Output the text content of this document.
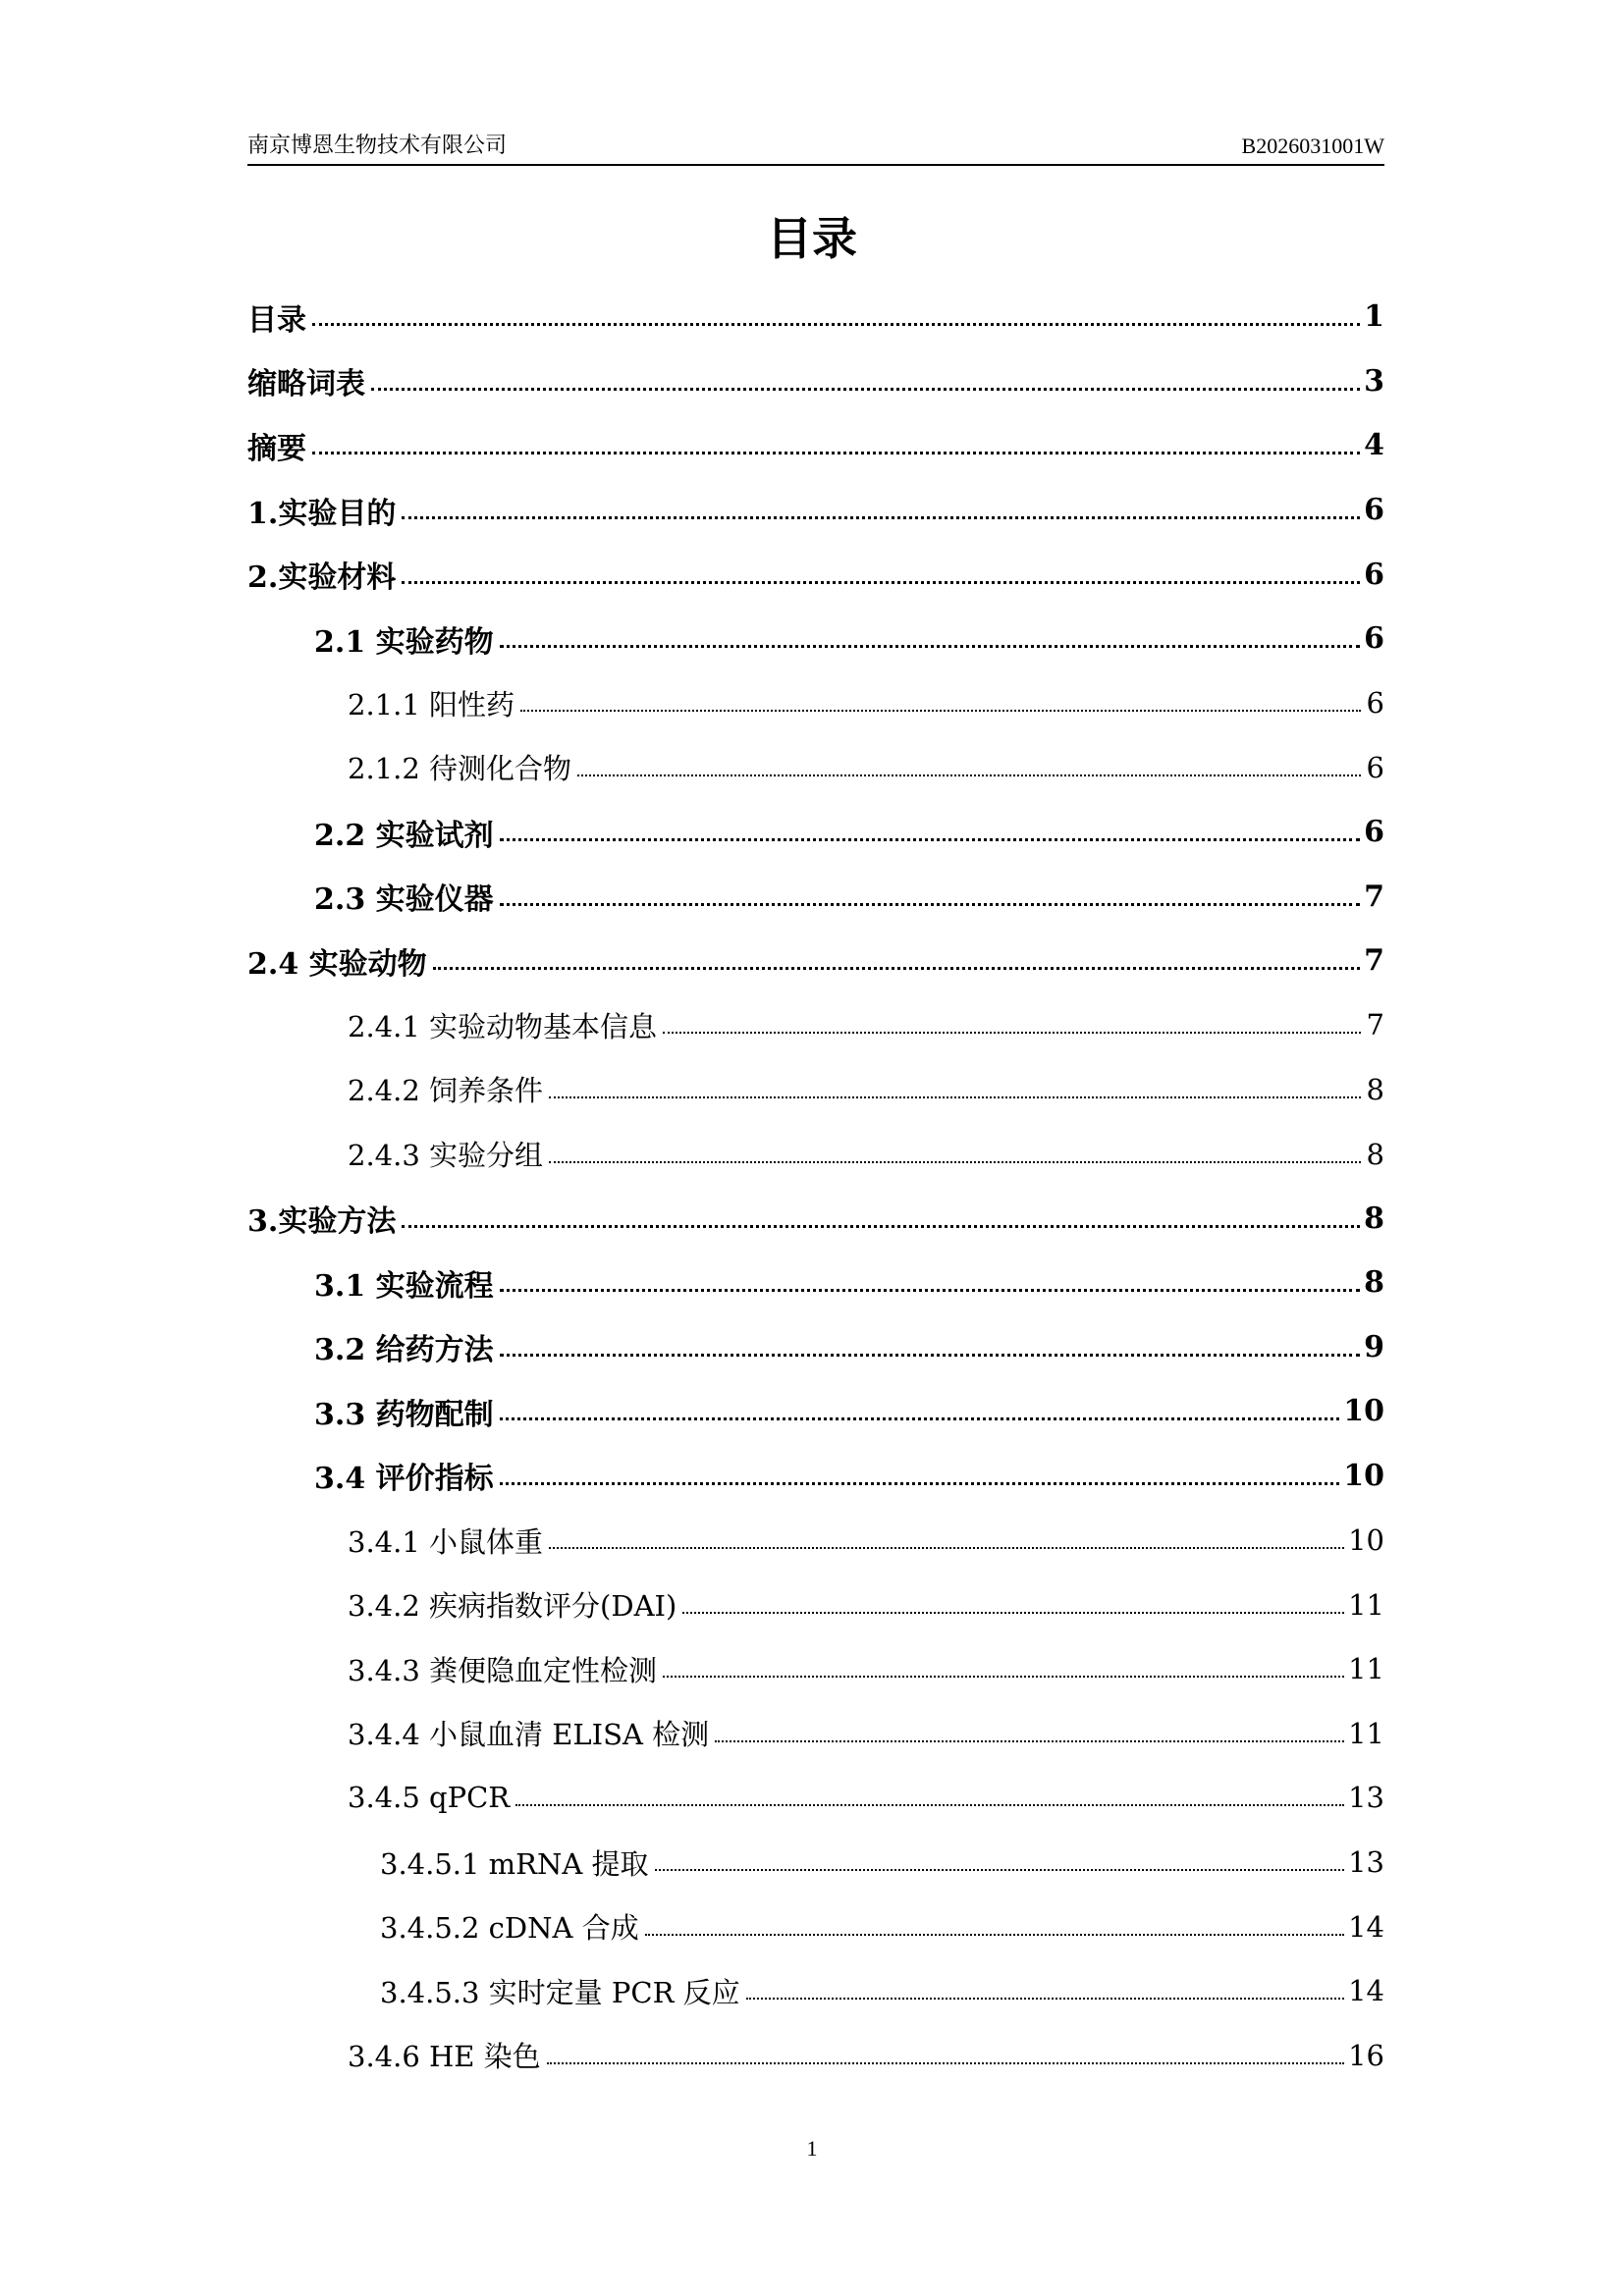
南京博恩生物技术有限公司	B2026031001W
目录
目录	1
缩略词表	3
摘要	4
1.实验目的	6
2.实验材料	6
2.1 实验药物	6
2.1.1 阳性药	6
2.1.2 待测化合物	6
2.2 实验试剂	6
2.3 实验仪器	7
2.4 实验动物	7
2.4.1 实验动物基本信息	7
2.4.2 饲养条件	8
2.4.3 实验分组	8
3.实验方法	8
3.1 实验流程	8
3.2 给药方法	9
3.3 药物配制	10
3.4 评价指标	10
3.4.1 小鼠体重	10
3.4.2 疾病指数评分(DAI)	11
3.4.3 粪便隐血定性检测	11
3.4.4 小鼠血清 ELISA 检测	11
3.4.5 qPCR	13
3.4.5.1 mRNA 提取	13
3.4.5.2 cDNA 合成	14
3.4.5.3 实时定量 PCR 反应	14
3.4.6 HE 染色	16
1
